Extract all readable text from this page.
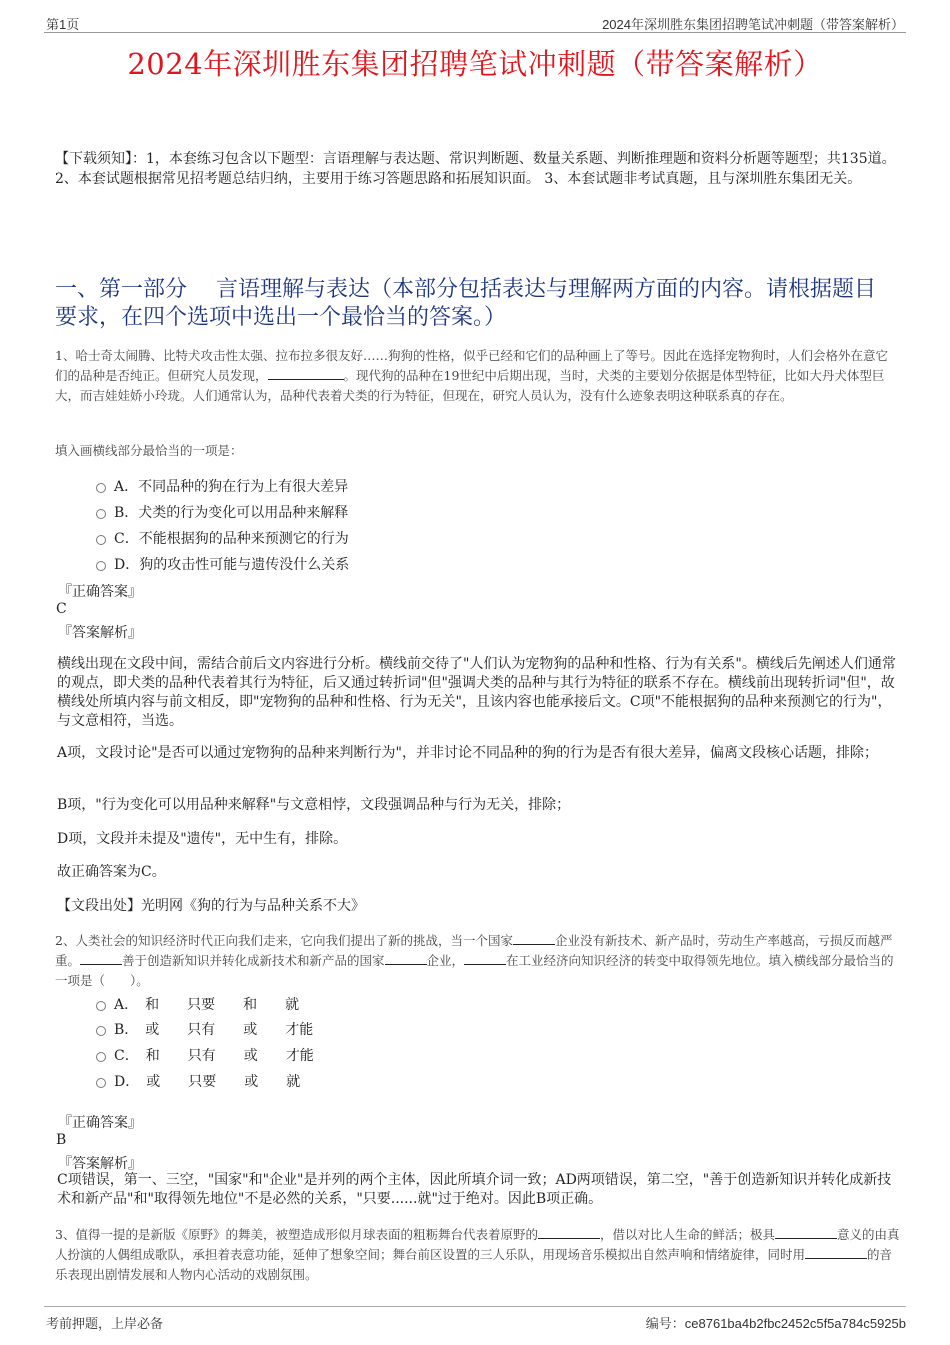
第1页	2024年深圳胜东集团招聘笔试冲刺题（带答案解析）
2024年深圳胜东集团招聘笔试冲刺题（带答案解析）
【下载须知】：1，本套练习包含以下题型：言语理解与表达题、常识判断题、数量关系题、判断推理题和资料分析题等题型；共135道。 2、本套试题根据常见招考题总结归纳，主要用于练习答题思路和拓展知识面。 3、本套试题非考试真题，且与深圳胜东集团无关。
一、第一部分　 言语理解与表达（本部分包括表达与理解两方面的内容。请根据题目要求，在四个选项中选出一个最恰当的答案。）
1、哈士奇太闹腾、比特犬攻击性太强、拉布拉多很友好……狗狗的性格，似乎已经和它们的品种画上了等号。因此在选择宠物狗时，人们会格外在意它们的品种是否纯正。但研究人员发现，	。现代狗的品种在19世纪中后期出现，当时，犬类的主要划分依据是体型特征，比如大丹犬体型巨大，而吉娃娃娇小玲珑。人们通常认为，品种代表着犬类的行为特征，但现在，研究人员认为，没有什么迹象表明这种联系真的存在。
填入画横线部分最恰当的一项是：
A．不同品种的狗在行为上有很大差异
B．犬类的行为变化可以用品种来解释
C．不能根据狗的品种来预测它的行为
D．狗的攻击性可能与遗传没什么关系
『正确答案』
C
『答案解析』
横线出现在文段中间，需结合前后文内容进行分析。横线前交待了"人们认为宠物狗的品种和性格、行为有关系"。横线后先阐述人们通常的观点，即犬类的品种代表着其行为特征，后又通过转折词"但"强调犬类的品种与其行为特征的联系不存在。横线前出现转折词"但"，故横线处所填内容与前文相反，即"宠物狗的品种和性格、行为无关"，且该内容也能承接后文。C项"不能根据狗的品种来预测它的行为"，与文意相符，当选。
A项，文段讨论"是否可以通过宠物狗的品种来判断行为"，并非讨论不同品种的狗的行为是否有很大差异，偏离文段核心话题，排除；
B项，"行为变化可以用品种来解释"与文意相悖，文段强调品种与行为无关，排除；
D项，文段并未提及"遗传"，无中生有，排除。
故正确答案为C。
【文段出处】光明网《狗的行为与品种关系不大》
2、人类社会的知识经济时代正向我们走来，它向我们提出了新的挑战，当一个国家	企业没有新技术、新产品时，劳动生产率越高，亏损反而越严重。	善于创造新知识并转化成新技术和新产品的国家	企业，	在工业经济向知识经济的转变中取得领先地位。填入横线部分最恰当的一项是（　　）。
A．　和　　只要　　和　　就
B．　或　　只有　　或　　才能
C．　和　　只有　　或　　才能
D．　或　　只要　　或　　就
『正确答案』
B
『答案解析』
C项错误，第一、三空，"国家"和"企业"是并列的两个主体，因此所填介词一致；AD两项错误，第二空，"善于创造新知识并转化成新技术和新产品"和"取得领先地位"不是必然的关系，"只要......就"过于绝对。因此B项正确。
3、值得一提的是新版《原野》的舞美，被塑造成形似月球表面的粗粝舞台代表着原野的	，借以对比人生命的鲜活；极具	意义的由真人扮演的人偶组成歌队，承担着表意功能，延伸了想象空间；舞台前区设置的三人乐队，用现场音乐模拟出自然声响和情绪旋律，同时用	的音乐表现出剧情发展和人物内心活动的戏剧氛围。
考前押题，上岸必备	编号：ce8761ba4b2fbc2452c5f5a784c5925b
